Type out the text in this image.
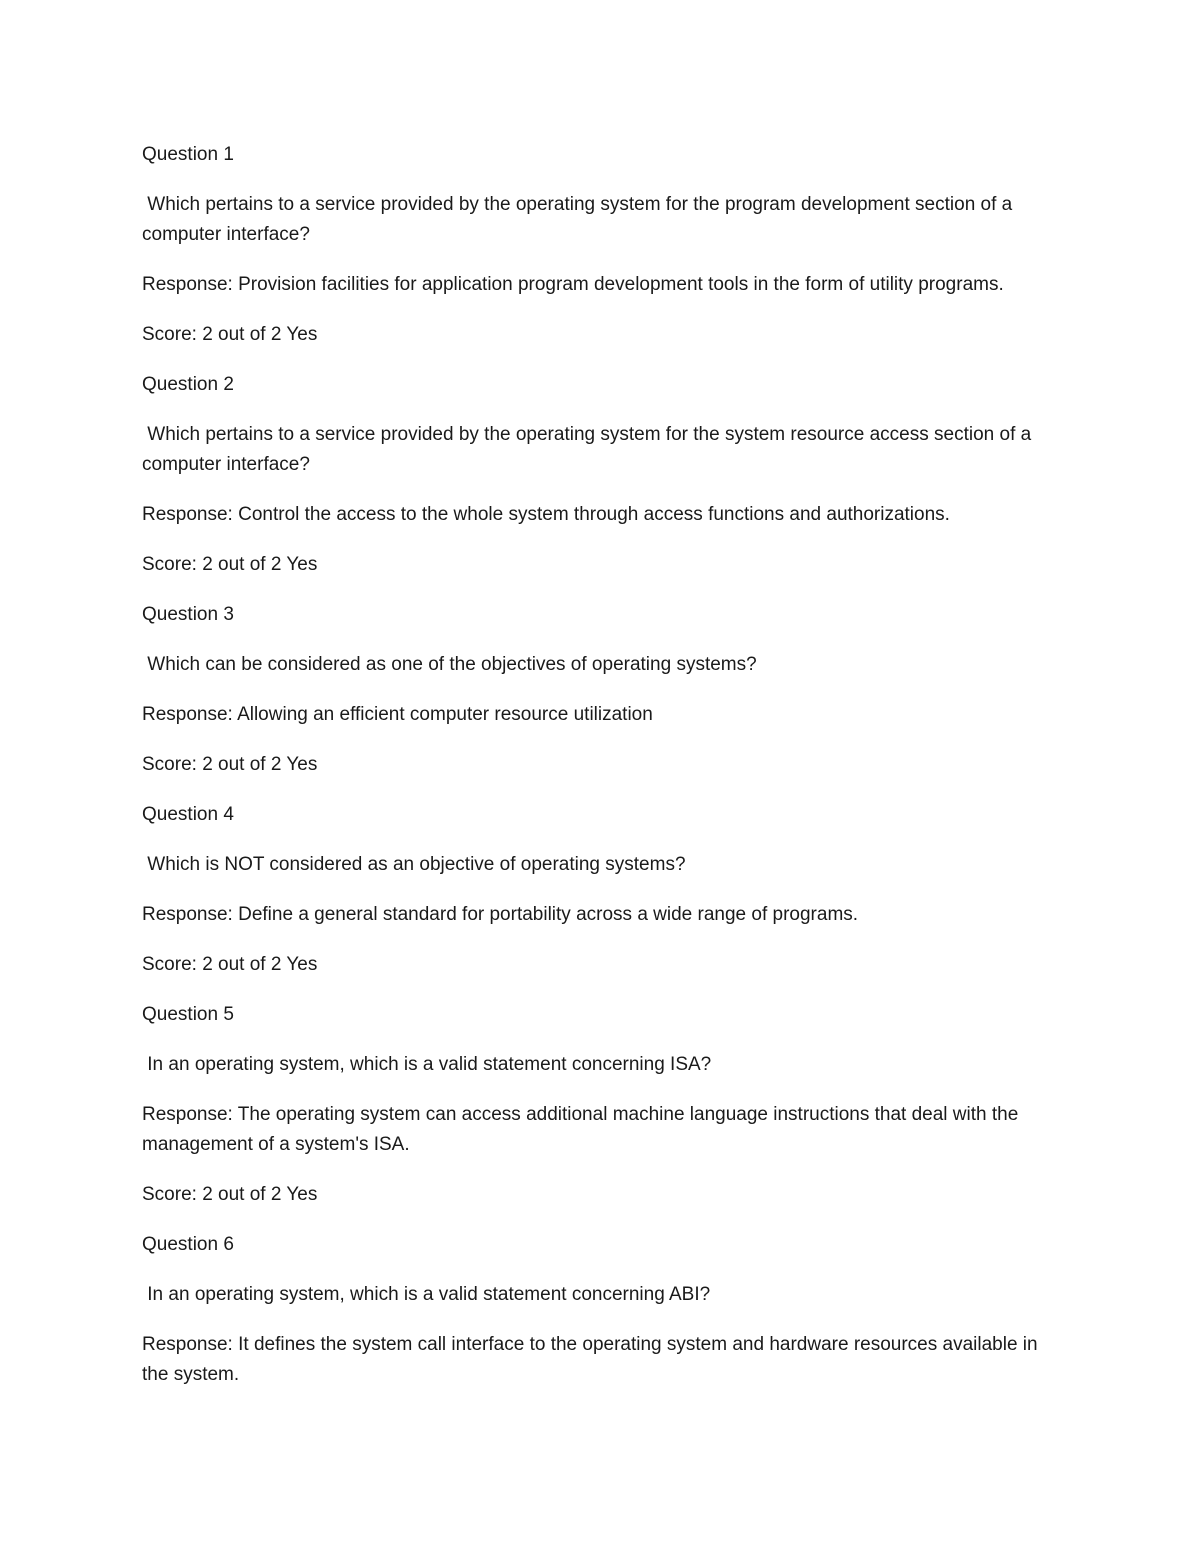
Question 1

Which pertains to a service provided by the operating system for the program development section of a computer interface?

Response: Provision facilities for application program development tools in the form of utility programs.

Score: 2 out of 2 Yes

Question 2

Which pertains to a service provided by the operating system for the system resource access section of a computer interface?

Response: Control the access to the whole system through access functions and authorizations.

Score: 2 out of 2 Yes

Question 3

Which can be considered as one of the objectives of operating systems?

Response: Allowing an efficient computer resource utilization

Score: 2 out of 2 Yes

Question 4

Which is NOT considered as an objective of operating systems?

Response: Define a general standard for portability across a wide range of programs.

Score: 2 out of 2 Yes

Question 5

In an operating system, which is a valid statement concerning ISA?

Response: The operating system can access additional machine language instructions that deal with the management of a system's ISA.

Score: 2 out of 2 Yes

Question 6

In an operating system, which is a valid statement concerning ABI?

Response: It defines the system call interface to the operating system and hardware resources available in the system.
